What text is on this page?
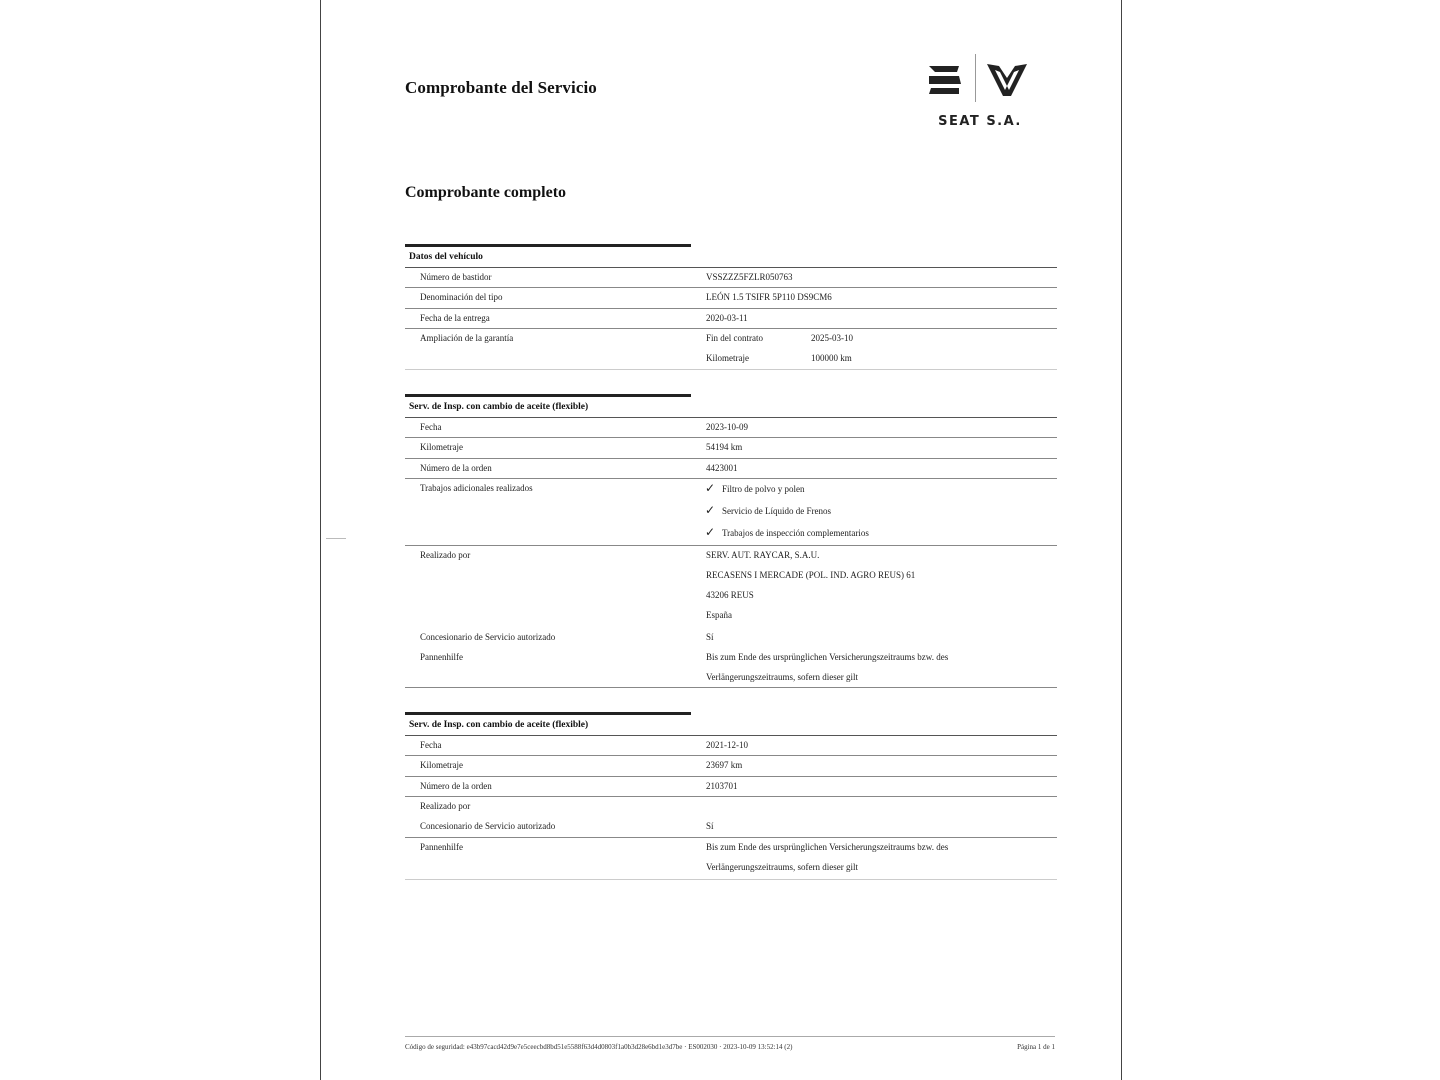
Comprobante del Servicio
SEAT S.A.
Comprobante completo
Datos del vehículo
Número de bastidor	VSSZZZ5FZLR050763
Denominación del tipo	LEÓN 1.5 TSIFR 5P110 DS9CM6
Fecha de la entrega	2020-03-11
Ampliación de la garantía	Fin del contrato	2025-03-10
Kilometraje	100000 km
Serv. de Insp. con cambio de aceite (flexible)
Fecha	2023-10-09
Kilometraje	54194 km
Número de la orden	4423001
Trabajos adicionales realizados	✓ Filtro de polvo y polen
✓ Servicio de Líquido de Frenos
✓ Trabajos de inspección complementarios
Realizado por	SERV. AUT. RAYCAR, S.A.U.
RECASENS I MERCADE (POL. IND. AGRO REUS) 61
43206 REUS
España
Concesionario de Servicio autorizado	Sí
Pannenhilfe	Bis zum Ende des ursprünglichen Versicherungszeitraums bzw. des
Verlängerungszeitraums, sofern dieser gilt
Serv. de Insp. con cambio de aceite (flexible)
Fecha	2021-12-10
Kilometraje	23697 km
Número de la orden	2103701
Realizado por
Concesionario de Servicio autorizado	Sí
Pannenhilfe	Bis zum Ende des ursprünglichen Versicherungszeitraums bzw. des
Verlängerungszeitraums, sofern dieser gilt
Código de seguridad: e43b97cacd42d9e7e5ceecbd8bd51e5588f63d4d0803f1a0b3d28e6bd1e3d7be · ES002030 · 2023-10-09 13:52:14 (2)	Página 1 de 1
